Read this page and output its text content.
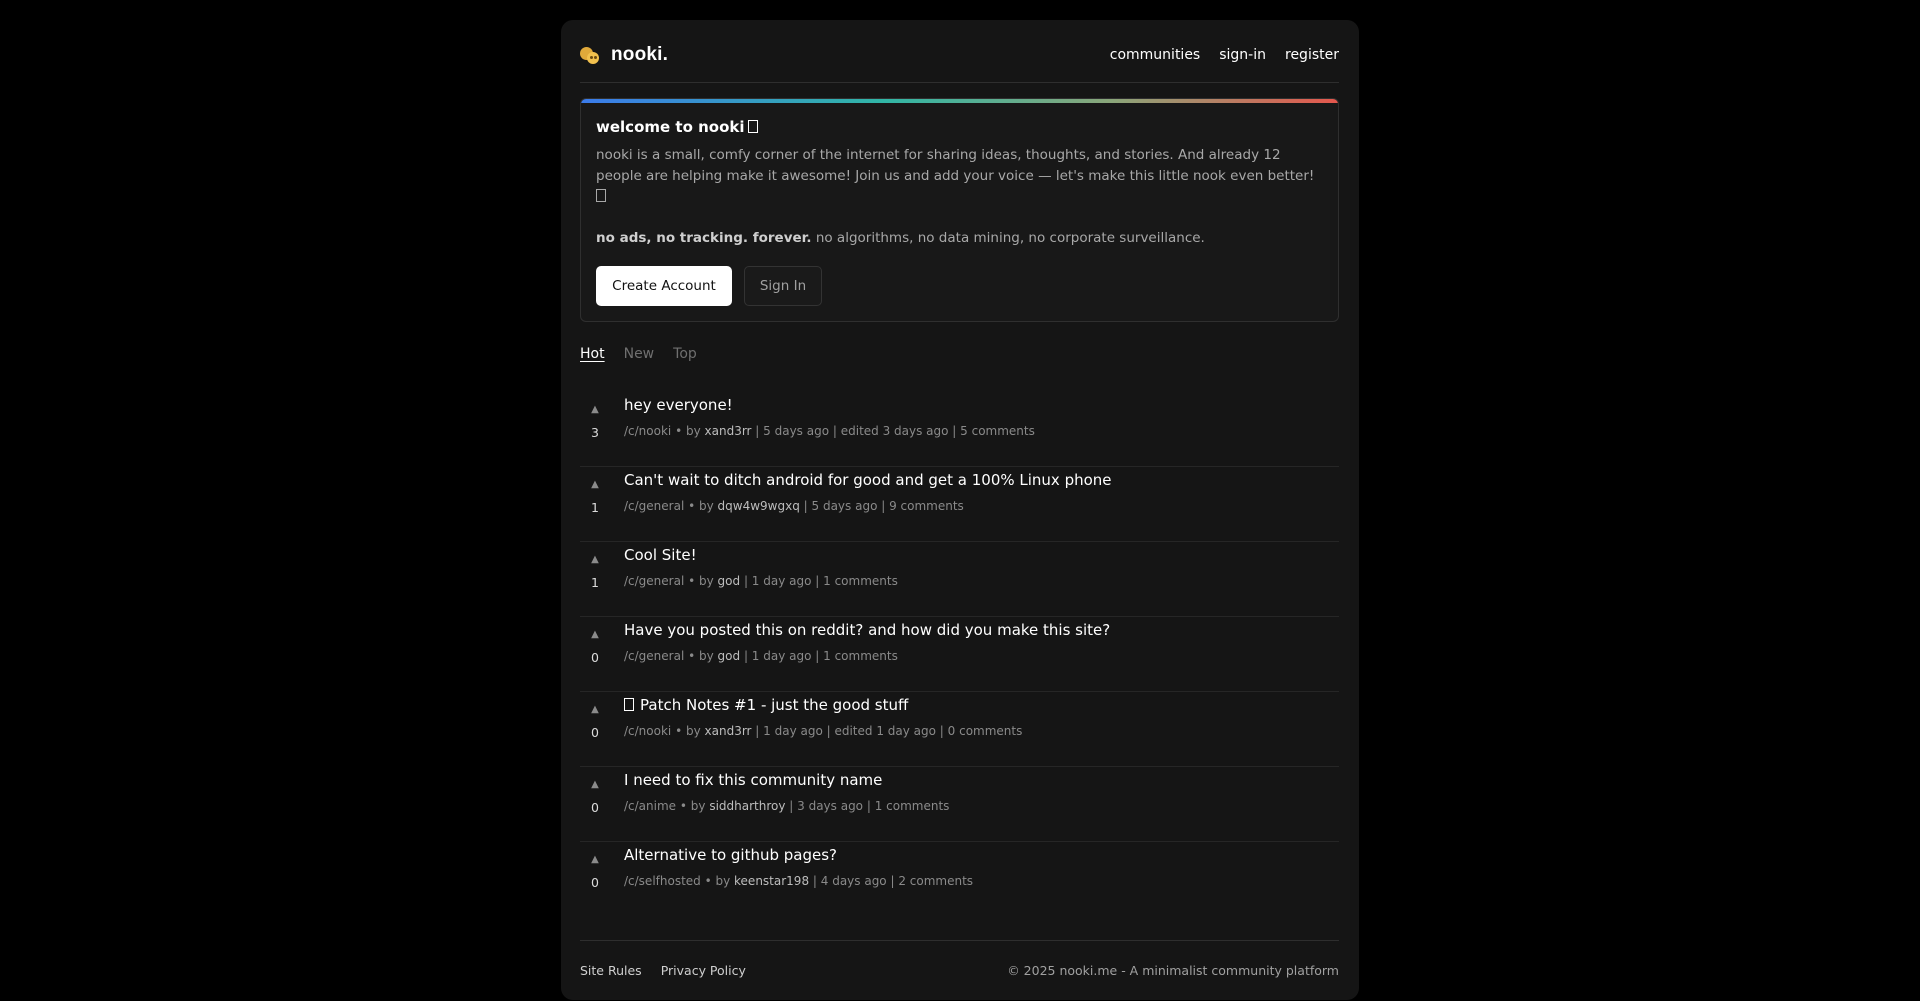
nooki.	communities sign-in register
welcome to nooki
nooki is a small, comfy corner of the internet for sharing ideas, thoughts, and stories. And already 12 people are helping make it awesome! Join us and add your voice — let's make this little nook even better!

no ads, no tracking. forever. no algorithms, no data mining, no corporate surveillance.
Create Account	Sign In
Hot New Top
▲
3
hey everyone!
/c/nooki • by xand3rr | 5 days ago | edited 3 days ago | 5 comments
▲
1
Can't wait to ditch android for good and get a 100% Linux phone
/c/general • by dqw4w9wgxq | 5 days ago | 9 comments
▲
1
Cool Site!
/c/general • by god | 1 day ago | 1 comments
▲
0
Have you posted this on reddit? and how did you make this site?
/c/general • by god | 1 day ago | 1 comments
▲
0
Patch Notes #1 - just the good stuff
/c/nooki • by xand3rr | 1 day ago | edited 1 day ago | 0 comments
▲
0
I need to fix this community name
/c/anime • by siddharthroy | 3 days ago | 1 comments
▲
0
Alternative to github pages?
/c/selfhosted • by keenstar198 | 4 days ago | 2 comments
Site Rules Privacy Policy	© 2025 nooki.me - A minimalist community platform
